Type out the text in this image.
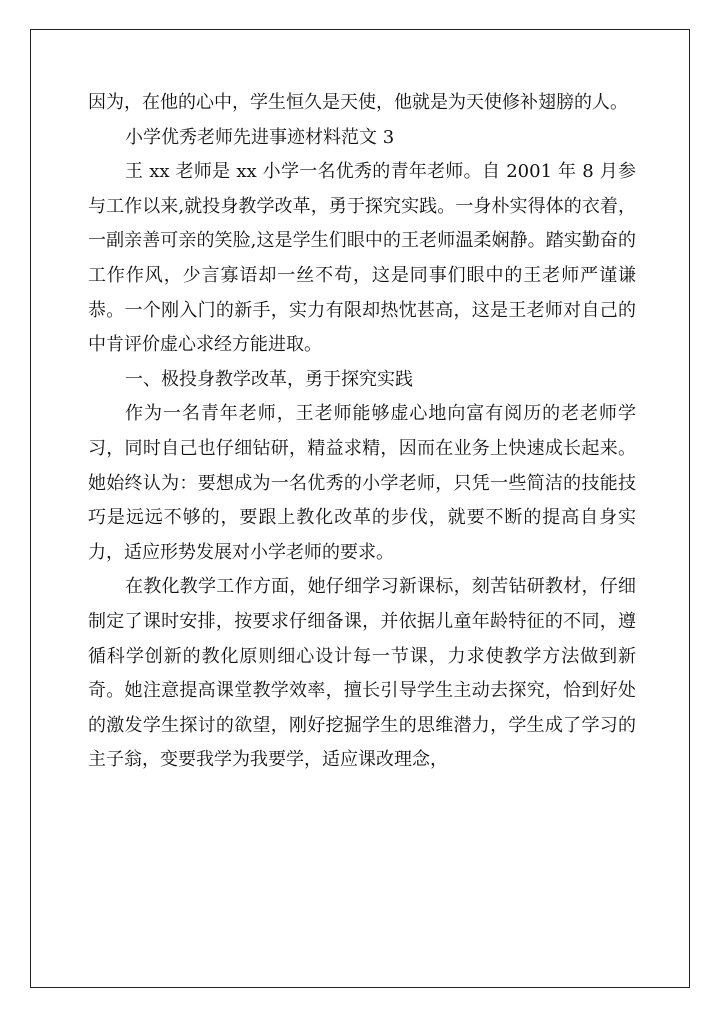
因为，在他的心中，学生恒久是天使，他就是为天使修补翅膀的人。

小学优秀老师先进事迹材料范文 3

王 xx 老师是 xx 小学一名优秀的青年老师。自 2001 年 8 月参与工作以来,就投身教学改革，勇于探究实践。一身朴实得体的衣着，一副亲善可亲的笑脸,这是学生们眼中的王老师温柔娴静。踏实勤奋的工作作风，少言寡语却一丝不苟，这是同事们眼中的王老师严谨谦恭。一个刚入门的新手，实力有限却热忱甚高，这是王老师对自己的中肯评价虚心求经方能进取。

一、极投身教学改革，勇于探究实践

作为一名青年老师，王老师能够虚心地向富有阅历的老老师学习，同时自己也仔细钻研，精益求精，因而在业务上快速成长起来。她始终认为：要想成为一名优秀的小学老师，只凭一些简洁的技能技巧是远远不够的，要跟上教化改革的步伐，就要不断的提高自身实力，适应形势发展对小学老师的要求。

在教化教学工作方面，她仔细学习新课标，刻苦钻研教材，仔细制定了课时安排，按要求仔细备课，并依据儿童年龄特征的不同，遵循科学创新的教化原则细心设计每一节课，力求使教学方法做到新奇。她注意提高课堂教学效率，擅长引导学生主动去探究，恰到好处的激发学生探讨的欲望，刚好挖掘学生的思维潜力，学生成了学习的主子翁，变要我学为我要学，适应课改理念，
